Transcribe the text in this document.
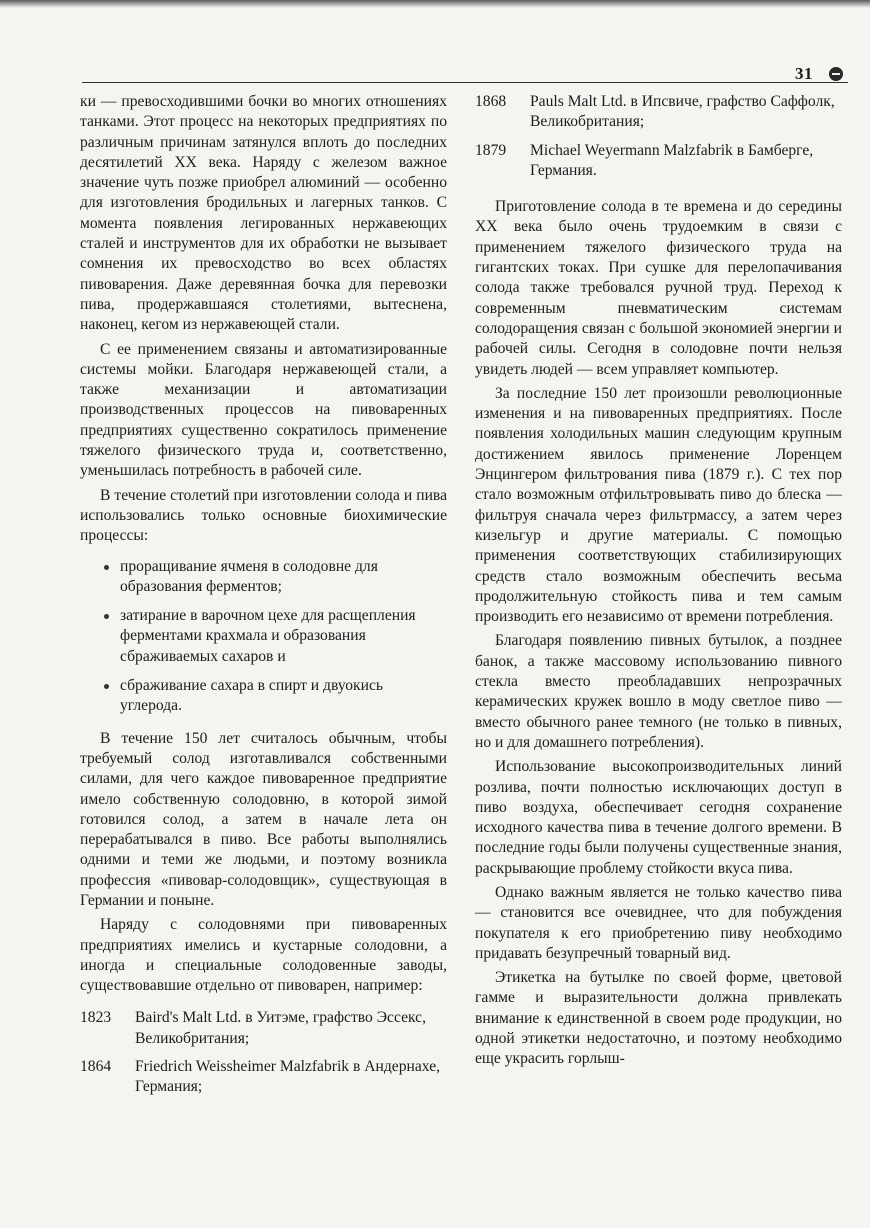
31

ки — превосходившими бочки во многих отношениях танками. Этот процесс на некоторых предприятиях по различным причинам затянулся вплоть до последних десятилетий XX века. Наряду с железом важное значение чуть позже приобрел алюминий — особенно для изготовления бродильных и лагерных танков. С момента появления легированных нержавеющих сталей и инструментов для их обработки не вызывает сомнения их превосходство во всех областях пивоварения. Даже деревянная бочка для перевозки пива, продержавшаяся столетиями, вытеснена, наконец, кегом из нержавеющей стали.

С ее применением связаны и автоматизированные системы мойки. Благодаря нержавеющей стали, а также механизации и автоматизации производственных процессов на пивоваренных предприятиях существенно сократилось применение тяжелого физического труда и, соответственно, уменьшилась потребность в рабочей силе.

В течение столетий при изготовлении солода и пива использовались только основные биохимические процессы:

проращивание ячменя в солодовне для образования ферментов;
затирание в варочном цехе для расщепления ферментами крахмала и образования сбраживаемых сахаров и
сбраживание сахара в спирт и двуокись углерода.

В течение 150 лет считалось обычным, чтобы требуемый солод изготавливался собственными силами, для чего каждое пивоваренное предприятие имело собственную солодовню, в которой зимой готовился солод, а затем в начале лета он перерабатывался в пиво. Все работы выполнялись одними и теми же людьми, и поэтому возникла профессия «пивовар-солодовщик», существующая в Германии и поныне.

Наряду с солодовнями при пивоваренных предприятиях имелись и кустарные солодовни, а иногда и специальные солодовенные заводы, существовавшие отдельно от пивоварен, например:

1823	Baird's Malt Ltd. в Уитэме, графство Эссекс, Великобритания;
1864	Friedrich Weissheimer Malzfabrik в Андернахе, Германия;
1868	Pauls Malt Ltd. в Ипсвиче, графство Саффолк, Великобритания;
1879	Michael Weyermann Malzfabrik в Бамберге, Германия.

Приготовление солода в те времена и до середины XX века было очень трудоемким в связи с применением тяжелого физического труда на гигантских токах. При сушке для перелопачивания солода также требовался ручной труд. Переход к современным пневматическим системам солодоращения связан с большой экономией энергии и рабочей силы. Сегодня в солодовне почти нельзя увидеть людей — всем управляет компьютер.

За последние 150 лет произошли революционные изменения и на пивоваренных предприятиях. После появления холодильных машин следующим крупным достижением явилось применение Лоренцем Энцингером фильтрования пива (1879 г.). С тех пор стало возможным отфильтровывать пиво до блеска — фильтруя сначала через фильтрмассу, а затем через кизельгур и другие материалы. С помощью применения соответствующих стабилизирующих средств стало возможным обеспечить весьма продолжительную стойкость пива и тем самым производить его независимо от времени потребления.

Благодаря появлению пивных бутылок, а позднее банок, а также массовому использованию пивного стекла вместо преобладавших непрозрачных керамических кружек вошло в моду светлое пиво — вместо обычного ранее темного (не только в пивных, но и для домашнего потребления).

Использование высокопроизводительных линий розлива, почти полностью исключающих доступ в пиво воздуха, обеспечивает сегодня сохранение исходного качества пива в течение долгого времени. В последние годы были получены существенные знания, раскрывающие проблему стойкости вкуса пива.

Однако важным является не только качество пива — становится все очевиднее, что для побуждения покупателя к его приобретению пиву необходимо придавать безупречный товарный вид.

Этикетка на бутылке по своей форме, цветовой гамме и выразительности должна привлекать внимание к единственной в своем роде продукции, но одной этикетки недостаточно, и поэтому необходимо еще украсить горлыш-
